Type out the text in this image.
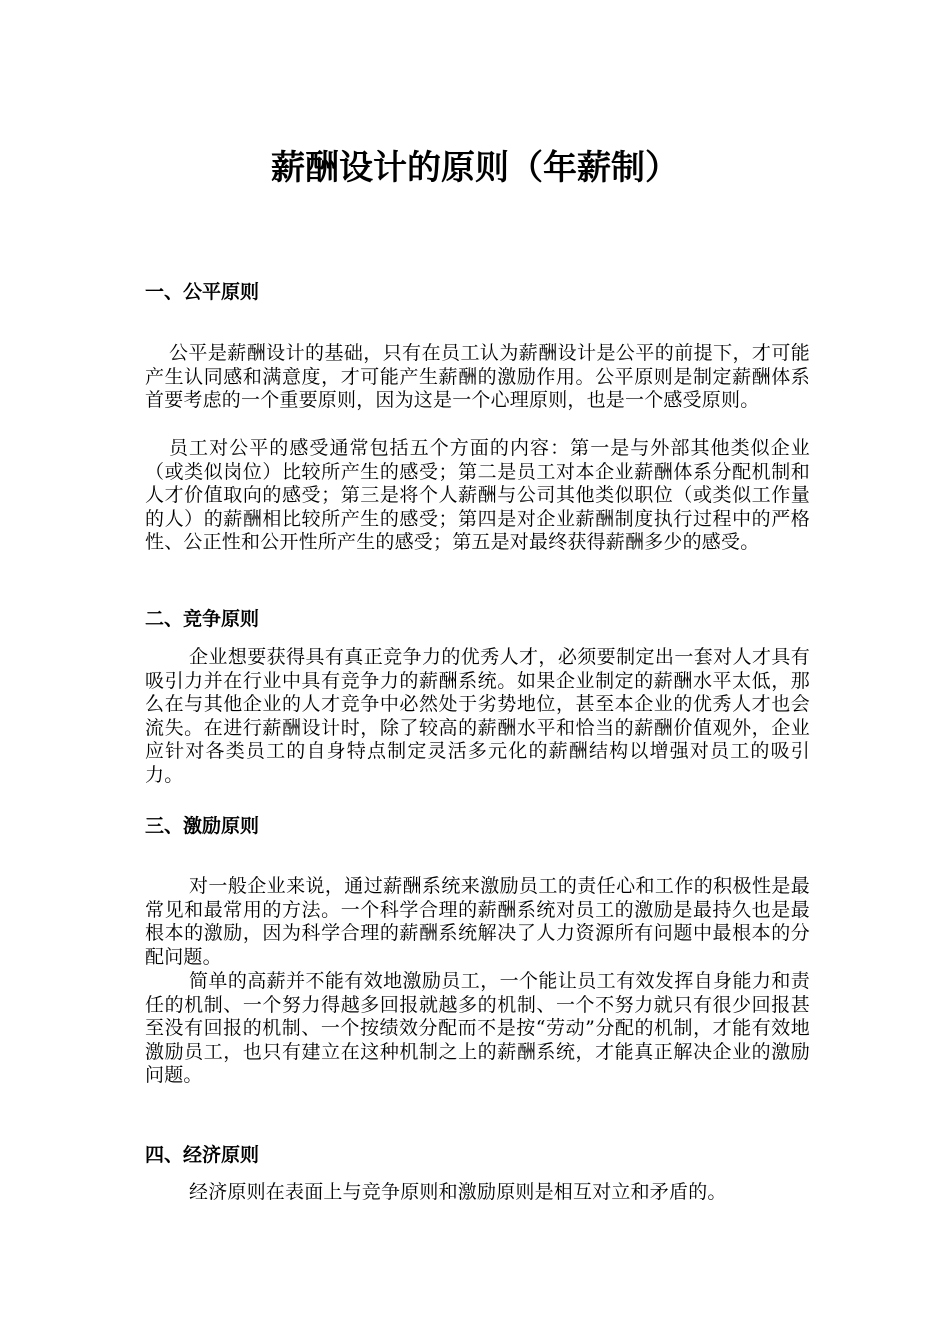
薪酬设计的原则（年薪制）
一、公平原则

公平是薪酬设计的基础，只有在员工认为薪酬设计是公平的前提下，才可能产生认同感和满意度，才可能产生薪酬的激励作用。公平原则是制定薪酬体系首要考虑的一个重要原则，因为这是一个心理原则，也是一个感受原则。

员工对公平的感受通常包括五个方面的内容：第一是与外部其他类似企业（或类似岗位）比较所产生的感受；第二是员工对本企业薪酬体系分配机制和人才价值取向的感受；第三是将个人薪酬与公司其他类似职位（或类似工作量的人）的薪酬相比较所产生的感受；第四是对企业薪酬制度执行过程中的严格性、公正性和公开性所产生的感受；第五是对最终获得薪酬多少的感受。

二、竞争原则

企业想要获得具有真正竞争力的优秀人才，必须要制定出一套对人才具有吸引力并在行业中具有竞争力的薪酬系统。如果企业制定的薪酬水平太低，那么在与其他企业的人才竞争中必然处于劣势地位，甚至本企业的优秀人才也会流失。在进行薪酬设计时，除了较高的薪酬水平和恰当的薪酬价值观外，企业应针对各类员工的自身特点制定灵活多元化的薪酬结构以增强对员工的吸引力。

三、激励原则

对一般企业来说，通过薪酬系统来激励员工的责任心和工作的积极性是最常见和最常用的方法。一个科学合理的薪酬系统对员工的激励是最持久也是最根本的激励，因为科学合理的薪酬系统解决了人力资源所有问题中最根本的分配问题。

简单的高薪并不能有效地激励员工，一个能让员工有效发挥自身能力和责任的机制、一个努力得越多回报就越多的机制、一个不努力就只有很少回报甚至没有回报的机制、一个按绩效分配而不是按“劳动”分配的机制，才能有效地激励员工，也只有建立在这种机制之上的薪酬系统，才能真正解决企业的激励问题。

四、经济原则

经济原则在表面上与竞争原则和激励原则是相互对立和矛盾的。
